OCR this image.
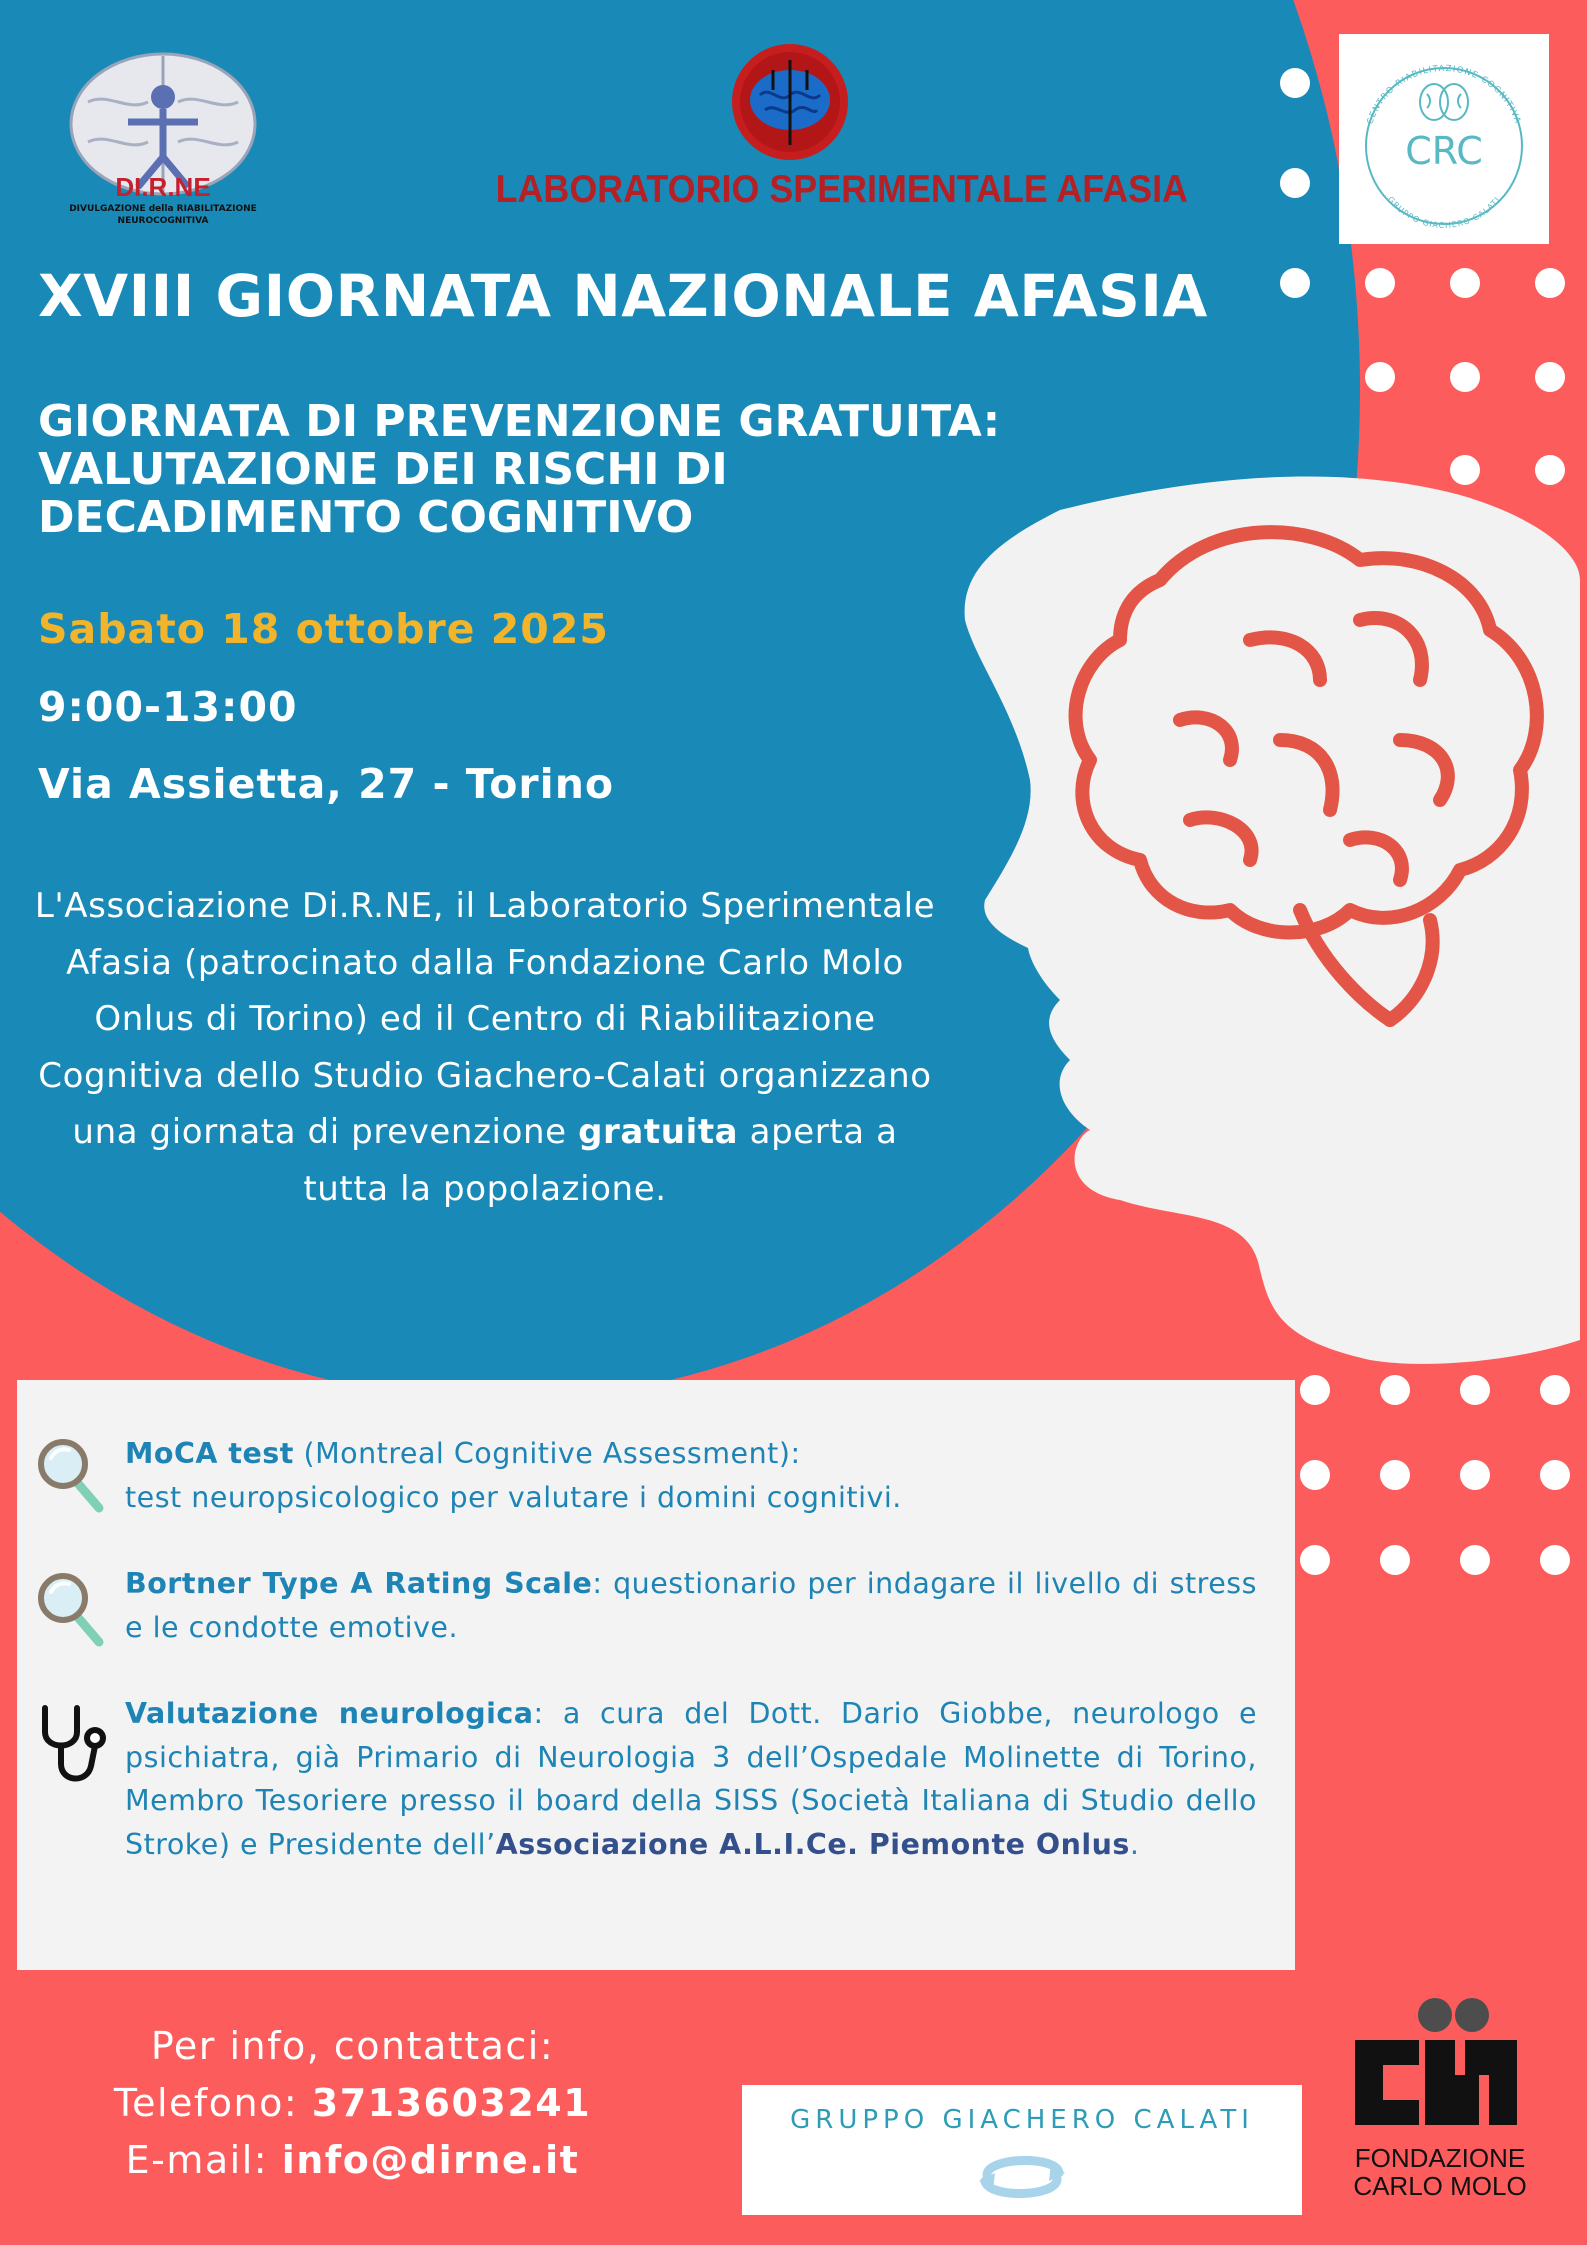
DI.R.NE
DIVULGAZIONE della RIABILITAZIONE
NEUROCOGNITIVA
LABORATORIO SPERIMENTALE AFASIA
CENTRO RIABILITAZIONE COGNITIVA
GRUPPO GIACHERO CALATI
CRC
XVIII GIORNATA NAZIONALE AFASIA
GIORNATA DI PREVENZIONE GRATUITA:
VALUTAZIONE DEI RISCHI DI
DECADIMENTO COGNITIVO
Sabato 18 ottobre 2025
9:00-13:00
Via Assietta, 27 - Torino

L'Associazione Di.R.NE, il Laboratorio Sperimentale Afasia (patrocinato dalla Fondazione Carlo Molo Onlus di Torino) ed il Centro di Riabilitazione Cognitiva dello Studio Giachero-Calati organizzano una giornata di prevenzione gratuita aperta a tutta la popolazione.

MoCA test (Montreal Cognitive Assessment):
test neuropsicologico per valutare i domini cognitivi.
Bortner Type A Rating Scale: questionario per indagare il livello di stress e le condotte emotive.
Valutazione neurologica: a cura del Dott. Dario Giobbe, neurologo e psichiatra, già Primario di Neurologia 3 dell’Ospedale Molinette di Torino, Membro Tesoriere presso il board della SISS (Società Italiana di Studio dello Stroke) e Presidente dell’Associazione A.L.I.Ce. Piemonte Onlus.
Per info, contattaci:
Telefono: 3713603241
E-mail: info@dirne.it
GRUPPO GIACHERO CALATI
FONDAZIONE
CARLO MOLO
